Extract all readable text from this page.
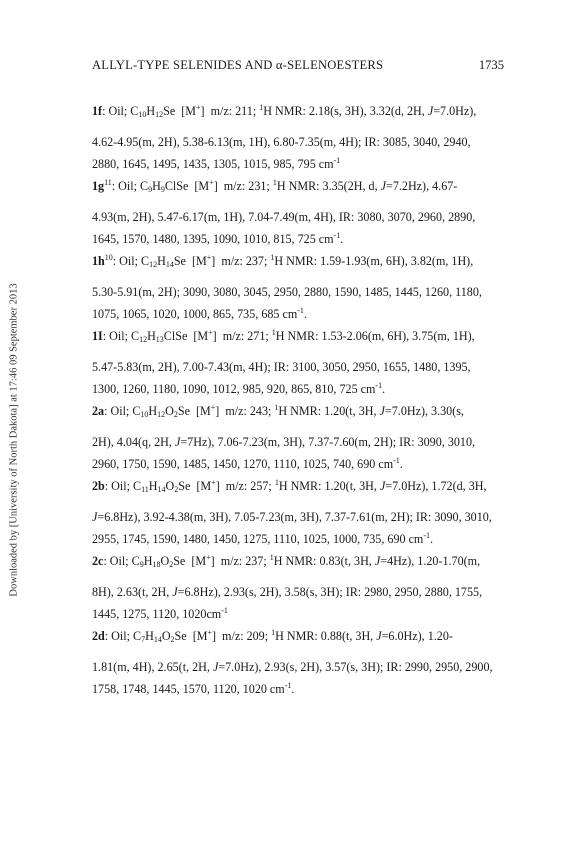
Downloaded by [University of North Dakota] at 17:46 09 September 2013
ALLYL-TYPE SELENIDES AND α-SELENOESTERS	1735
1f: Oil; $C_{10}H_{12}Se$  [M+]  m/z: 211; $^1$H NMR: 2.18(s, 3H), 3.32(d, 2H, J=7.0Hz),
4.62-4.95(m, 2H), 5.38-6.13(m, 1H), 6.80-7.35(m, 4H); IR: 3085, 3040, 2940,
2880, 1645, 1495, 1435, 1305, 1015, 985, 795 $cm^{-1}$
$1g^{11}$: Oil; $C_9H_9ClSe$  [M+]  m/z: 231; $^1$H NMR: 3.35(2H, d, J=7.2Hz), 4.67-
4.93(m, 2H), 5.47-6.17(m, 1H), 7.04-7.49(m, 4H), IR: 3080, 3070, 2960, 2890,
1645, 1570, 1480, 1395, 1090, 1010, 815, 725 $cm^{-1}$.
$1h^{10}$: Oil; $C_{12}H_{14}Se$  [M+]  m/z: 237; $^1$H NMR: 1.59-1.93(m, 6H), 3.82(m, 1H),
5.30-5.91(m, 2H); 3090, 3080, 3045, 2950, 2880, 1590, 1485, 1445, 1260, 1180,
1075, 1065, 1020, 1000, 865, 735, 685 $cm^{-1}$.
1I: Oil; $C_{12}H_{13}ClSe$  [M+]  m/z: 271; $^1$H NMR: 1.53-2.06(m, 6H), 3.75(m, 1H),
5.47-5.83(m, 2H), 7.00-7.43(m, 4H); IR: 3100, 3050, 2950, 1655, 1480, 1395,
1300, 1260, 1180, 1090, 1012, 985, 920, 865, 810, 725 $cm^{-1}$.
2a: Oil; $C_{10}H_{12}O_2Se$  [M+]  m/z: 243; $^1$H NMR: 1.20(t, 3H, J=7.0Hz), 3.30(s,
2H), 4.04(q, 2H, J=7Hz), 7.06-7.23(m, 3H), 7.37-7.60(m, 2H); IR: 3090, 3010,
2960, 1750, 1590, 1485, 1450, 1270, 1110, 1025, 740, 690 $cm^{-1}$.
2b: Oil; $C_{11}H_{14}O_2Se$  [M+]  m/z: 257; $^1$H NMR: 1.20(t, 3H, J=7.0Hz), 1.72(d, 3H,
J=6.8Hz), 3.92-4.38(m, 3H), 7.05-7.23(m, 3H), 7.37-7.61(m, 2H); IR: 3090, 3010,
2955, 1745, 1590, 1480, 1450, 1275, 1110, 1025, 1000, 735, 690 $cm^{-1}$.
2c: Oil; $C_9H_{18}O_2Se$  [M+]  m/z: 237; $^1$H NMR: 0.83(t, 3H, J=4Hz), 1.20-1.70(m,
8H), 2.63(t, 2H, J=6.8Hz), 2.93(s, 2H), 3.58(s, 3H); IR: 2980, 2950, 2880, 1755,
1445, 1275, 1120, $1020cm^{-1}$
2d: Oil; $C_7H_{14}O_2Se$  [M+]  m/z: 209; $^1$H NMR: 0.88(t, 3H, J=6.0Hz), 1.20-
1.81(m, 4H), 2.65(t, 2H, J=7.0Hz), 2.93(s, 2H), 3.57(s, 3H); IR: 2990, 2950, 2900,
1758, 1748, 1445, 1570, 1120, 1020 $cm^{-1}$.
